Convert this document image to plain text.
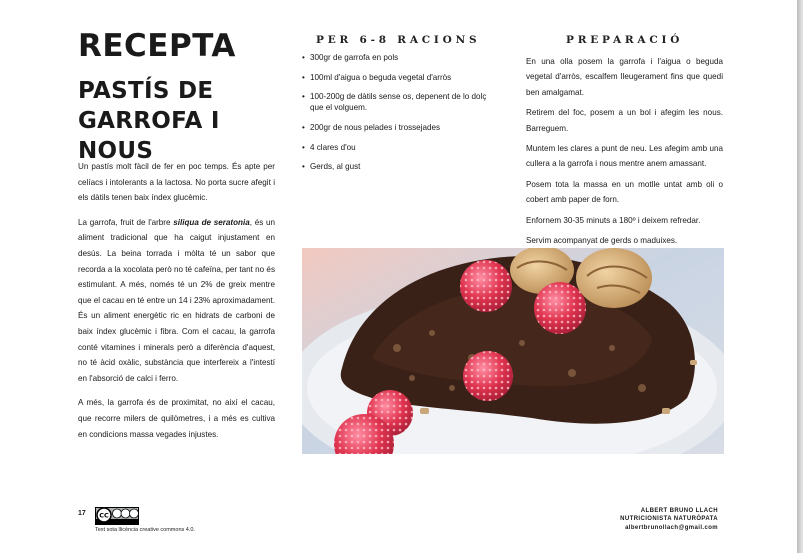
RECEPTA
PASTÍS DE GARROFA I NOUS

Un pastís molt fàcil de fer en poc temps. És apte per celíacs i intolerants a la lactosa. No porta sucre afegit i els dàtils tenen baix índex glucèmic.

La garrofa, fruit de l'arbre siliqua de seratonia, és un aliment tradicional que ha caigut injustament en desús. La beina torrada i mòlta té un sabor que recorda a la xocolata però no té cafeïna, per tant no és estimulant. A més, només té un 2% de greix mentre que el cacau en té entre un 14 i 23% aproximadament. És un aliment energètic ric en hidrats de carboni de baix índex glucèmic i fibra. Com el cacau, la garrofa conté vitamines i minerals però a diferència d'aquest, no té àcid oxàlic, substància que interfereix a l'intestí en l'absorció de calci i ferro.

A més, la garrofa és de proximitat, no així el cacau, que recorre milers de quilòmetres, i a més es cultiva en condicions massa vegades injustes.

PER 6-8 RACIONS
• 300gr de garrofa en pols
• 100ml d'aigua o beguda vegetal d'arròs
• 100-200g de dàtils sense os, depenent de lo dolç que el volguem.
• 200gr de nous pelades i trossejades
• 4 clares d'ou
• Gerds, al gust
PREPARACIÓ

En una olla posem la garrofa i l'aigua o beguda vegetal d'arròs, escalfem lleugerament fins que quedi ben amalgamat.

Retirem del foc, posem a un bol i afegim les nous. Barreguem.

Muntem les clares a punt de neu. Les afegim amb una cullera a la garrofa i nous mentre anem amassant.

Posem tota la massa en un motlle untat amb oli o cobert amb paper de forn.

Enfornem 30-35 minuts a 180º i deixem refredar.

Servim acompanyat de gerds o maduixes.

17 CC
Text sota llicència creative commons 4.0.
ALBERT BRUNO LLACH
NUTRICIONISTA NATURÒPATA
albertbrunollach@gmail.com
